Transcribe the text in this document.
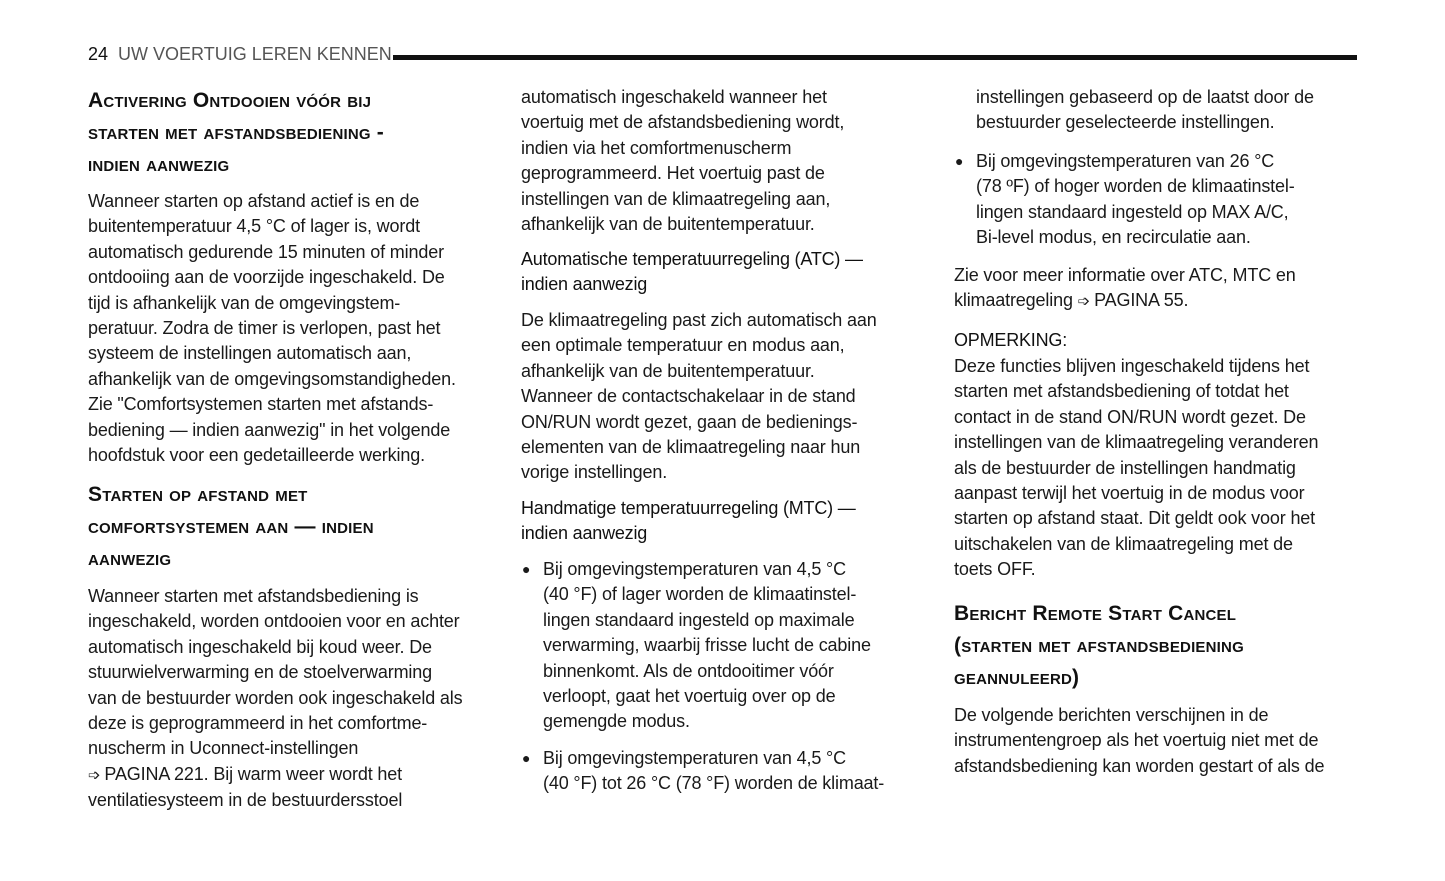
24 UW VOERTUIG LEREN KENNEN
Activering Ontdooien vóór bij
starten met afstandsbediening -
indien aanwezig
Wanneer starten op afstand actief is en de
buitentemperatuur 4,5 °C of lager is, wordt
automatisch gedurende 15 minuten of minder
ontdooiing aan de voorzijde ingeschakeld. De
tijd is afhankelijk van de omgevingstem-
peratuur. Zodra de timer is verlopen, past het
systeem de instellingen automatisch aan,
afhankelijk van de omgevingsomstandigheden.
Zie "Comfortsystemen starten met afstands-
bediening — indien aanwezig" in het volgende
hoofdstuk voor een gedetailleerde werking.
Starten op afstand met
comfortsystemen aan — indien
aanwezig
Wanneer starten met afstandsbediening is
ingeschakeld, worden ontdooien voor en achter
automatisch ingeschakeld bij koud weer. De
stuurwielverwarming en de stoelverwarming
van de bestuurder worden ook ingeschakeld als
deze is geprogrammeerd in het comfortme-
nuscherm in Uconnect-instellingen
➩ PAGINA 221. Bij warm weer wordt het
ventilatiesysteem in de bestuurdersstoel
automatisch ingeschakeld wanneer het
voertuig met de afstandsbediening wordt,
indien via het comfortmenuscherm
geprogrammeerd. Het voertuig past de
instellingen van de klimaatregeling aan,
afhankelijk van de buitentemperatuur.
Automatische temperatuurregeling (ATC) —
indien aanwezig
De klimaatregeling past zich automatisch aan
een optimale temperatuur en modus aan,
afhankelijk van de buitentemperatuur.
Wanneer de contactschakelaar in de stand
ON/RUN wordt gezet, gaan de bedienings-
elementen van de klimaatregeling naar hun
vorige instellingen.
Handmatige temperatuurregeling (MTC) —
indien aanwezig
● Bij omgevingstemperaturen van 4,5 °C
(40 °F) of lager worden de klimaatinstel-
lingen standaard ingesteld op maximale
verwarming, waarbij frisse lucht de cabine
binnenkomt. Als de ontdooitimer vóór
verloopt, gaat het voertuig over op de
gemengde modus.
● Bij omgevingstemperaturen van 4,5 °C
(40 °F) tot 26 °C (78 °F) worden de klimaat-
instellingen gebaseerd op de laatst door de
bestuurder geselecteerde instellingen.
● Bij omgevingstemperaturen van 26 °C
(78 ºF) of hoger worden de klimaatinstel-
lingen standaard ingesteld op MAX A/C,
Bi-level modus, en recirculatie aan.
Zie voor meer informatie over ATC, MTC en
klimaatregeling ➩ PAGINA 55.
OPMERKING:
Deze functies blijven ingeschakeld tijdens het
starten met afstandsbediening of totdat het
contact in de stand ON/RUN wordt gezet. De
instellingen van de klimaatregeling veranderen
als de bestuurder de instellingen handmatig
aanpast terwijl het voertuig in de modus voor
starten op afstand staat. Dit geldt ook voor het
uitschakelen van de klimaatregeling met de
toets OFF.
Bericht Remote Start Cancel
(starten met afstandsbediening
geannuleerd)
De volgende berichten verschijnen in de
instrumentengroep als het voertuig niet met de
afstandsbediening kan worden gestart of als de
